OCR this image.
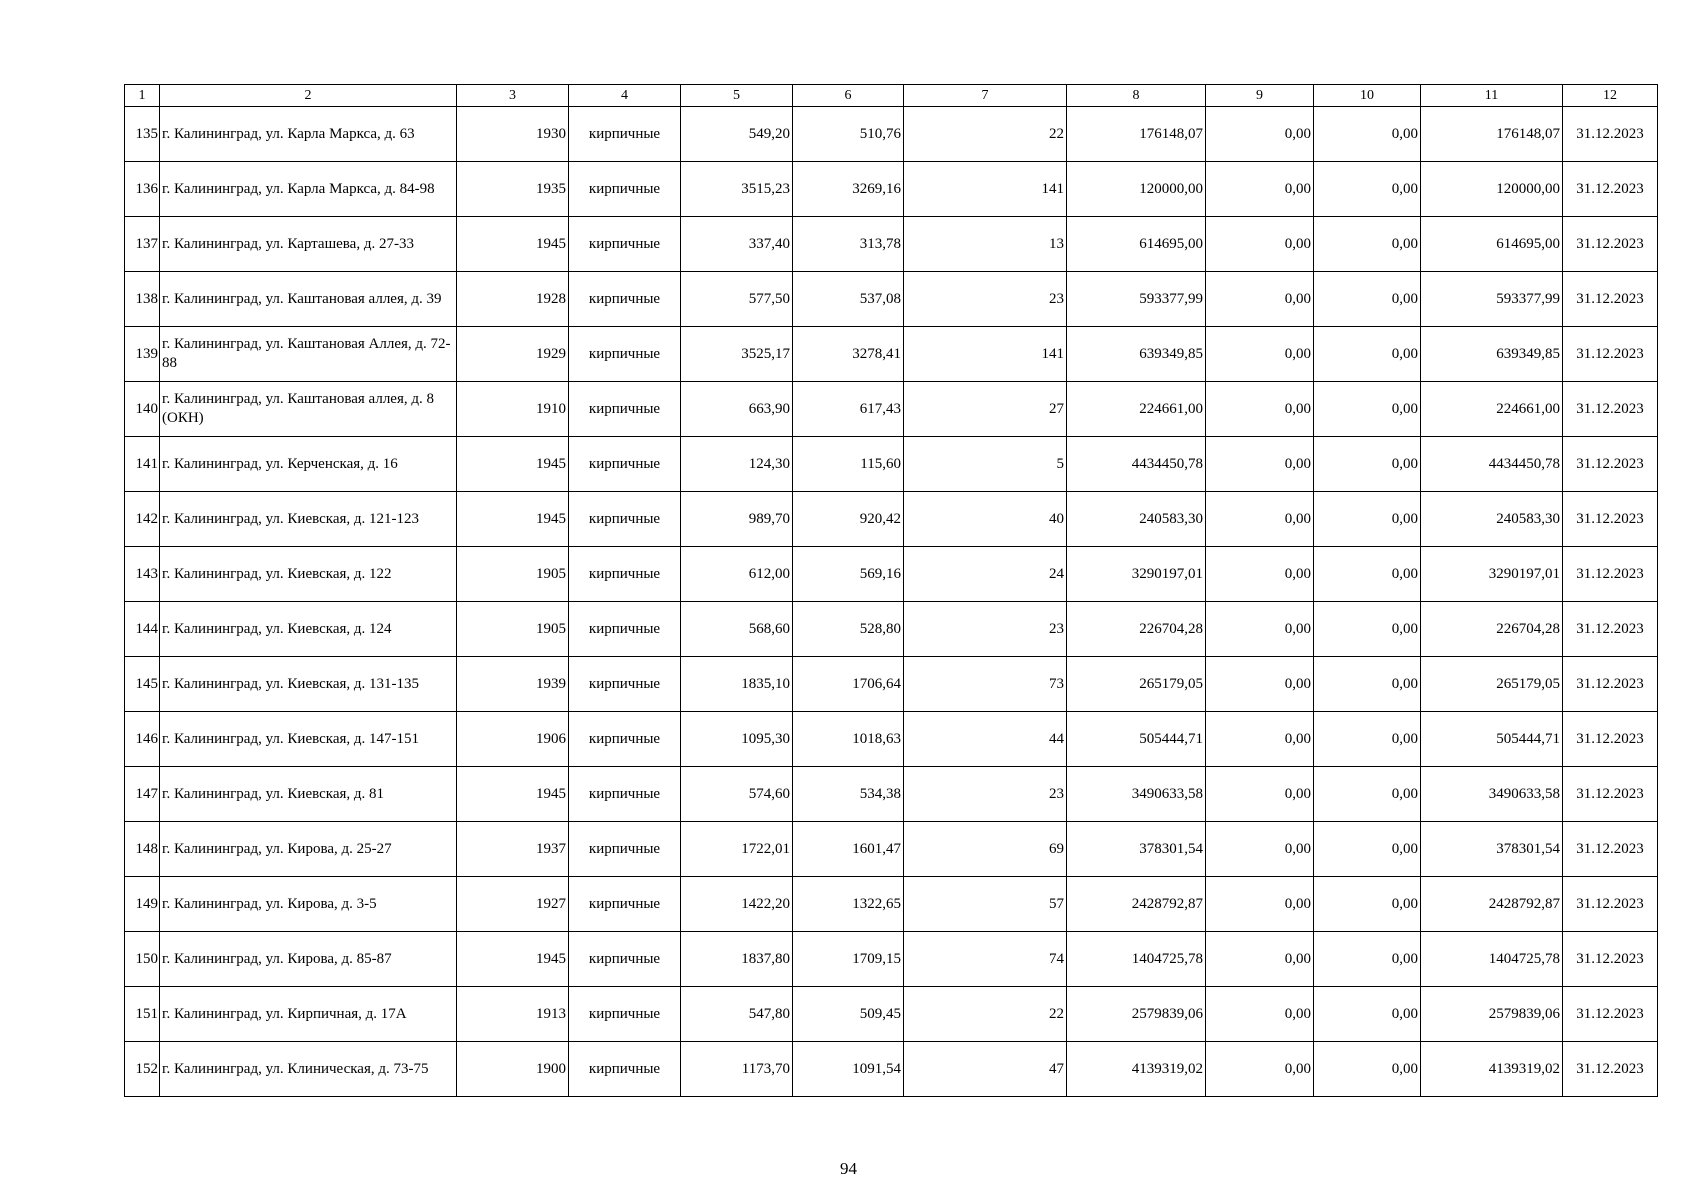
1	2	3	4	5	6	7	8	9	10	11	12
135	г. Калининград, ул. Карла Маркса, д. 63	1930	кирпичные	549,20	510,76	22	176148,07	0,00	0,00	176148,07	31.12.2023
136	г. Калининград, ул. Карла Маркса, д. 84-98	1935	кирпичные	3515,23	3269,16	141	120000,00	0,00	0,00	120000,00	31.12.2023
137	г. Калининград, ул. Карташева, д. 27-33	1945	кирпичные	337,40	313,78	13	614695,00	0,00	0,00	614695,00	31.12.2023
138	г. Калининград, ул. Каштановая аллея, д. 39	1928	кирпичные	577,50	537,08	23	593377,99	0,00	0,00	593377,99	31.12.2023
139	г. Калининград, ул. Каштановая Аллея, д. 72-88	1929	кирпичные	3525,17	3278,41	141	639349,85	0,00	0,00	639349,85	31.12.2023
140	г. Калининград, ул. Каштановая аллея, д. 8 (ОКН)	1910	кирпичные	663,90	617,43	27	224661,00	0,00	0,00	224661,00	31.12.2023
141	г. Калининград, ул. Керченская, д. 16	1945	кирпичные	124,30	115,60	5	4434450,78	0,00	0,00	4434450,78	31.12.2023
142	г. Калининград, ул. Киевская, д. 121-123	1945	кирпичные	989,70	920,42	40	240583,30	0,00	0,00	240583,30	31.12.2023
143	г. Калининград, ул. Киевская, д. 122	1905	кирпичные	612,00	569,16	24	3290197,01	0,00	0,00	3290197,01	31.12.2023
144	г. Калининград, ул. Киевская, д. 124	1905	кирпичные	568,60	528,80	23	226704,28	0,00	0,00	226704,28	31.12.2023
145	г. Калининград, ул. Киевская, д. 131-135	1939	кирпичные	1835,10	1706,64	73	265179,05	0,00	0,00	265179,05	31.12.2023
146	г. Калининград, ул. Киевская, д. 147-151	1906	кирпичные	1095,30	1018,63	44	505444,71	0,00	0,00	505444,71	31.12.2023
147	г. Калининград, ул. Киевская, д. 81	1945	кирпичные	574,60	534,38	23	3490633,58	0,00	0,00	3490633,58	31.12.2023
148	г. Калининград, ул. Кирова, д. 25-27	1937	кирпичные	1722,01	1601,47	69	378301,54	0,00	0,00	378301,54	31.12.2023
149	г. Калининград, ул. Кирова, д. 3-5	1927	кирпичные	1422,20	1322,65	57	2428792,87	0,00	0,00	2428792,87	31.12.2023
150	г. Калининград, ул. Кирова, д. 85-87	1945	кирпичные	1837,80	1709,15	74	1404725,78	0,00	0,00	1404725,78	31.12.2023
151	г. Калининград, ул. Кирпичная, д. 17А	1913	кирпичные	547,80	509,45	22	2579839,06	0,00	0,00	2579839,06	31.12.2023
152	г. Калининград, ул. Клиническая, д. 73-75	1900	кирпичные	1173,70	1091,54	47	4139319,02	0,00	0,00	4139319,02	31.12.2023
94
